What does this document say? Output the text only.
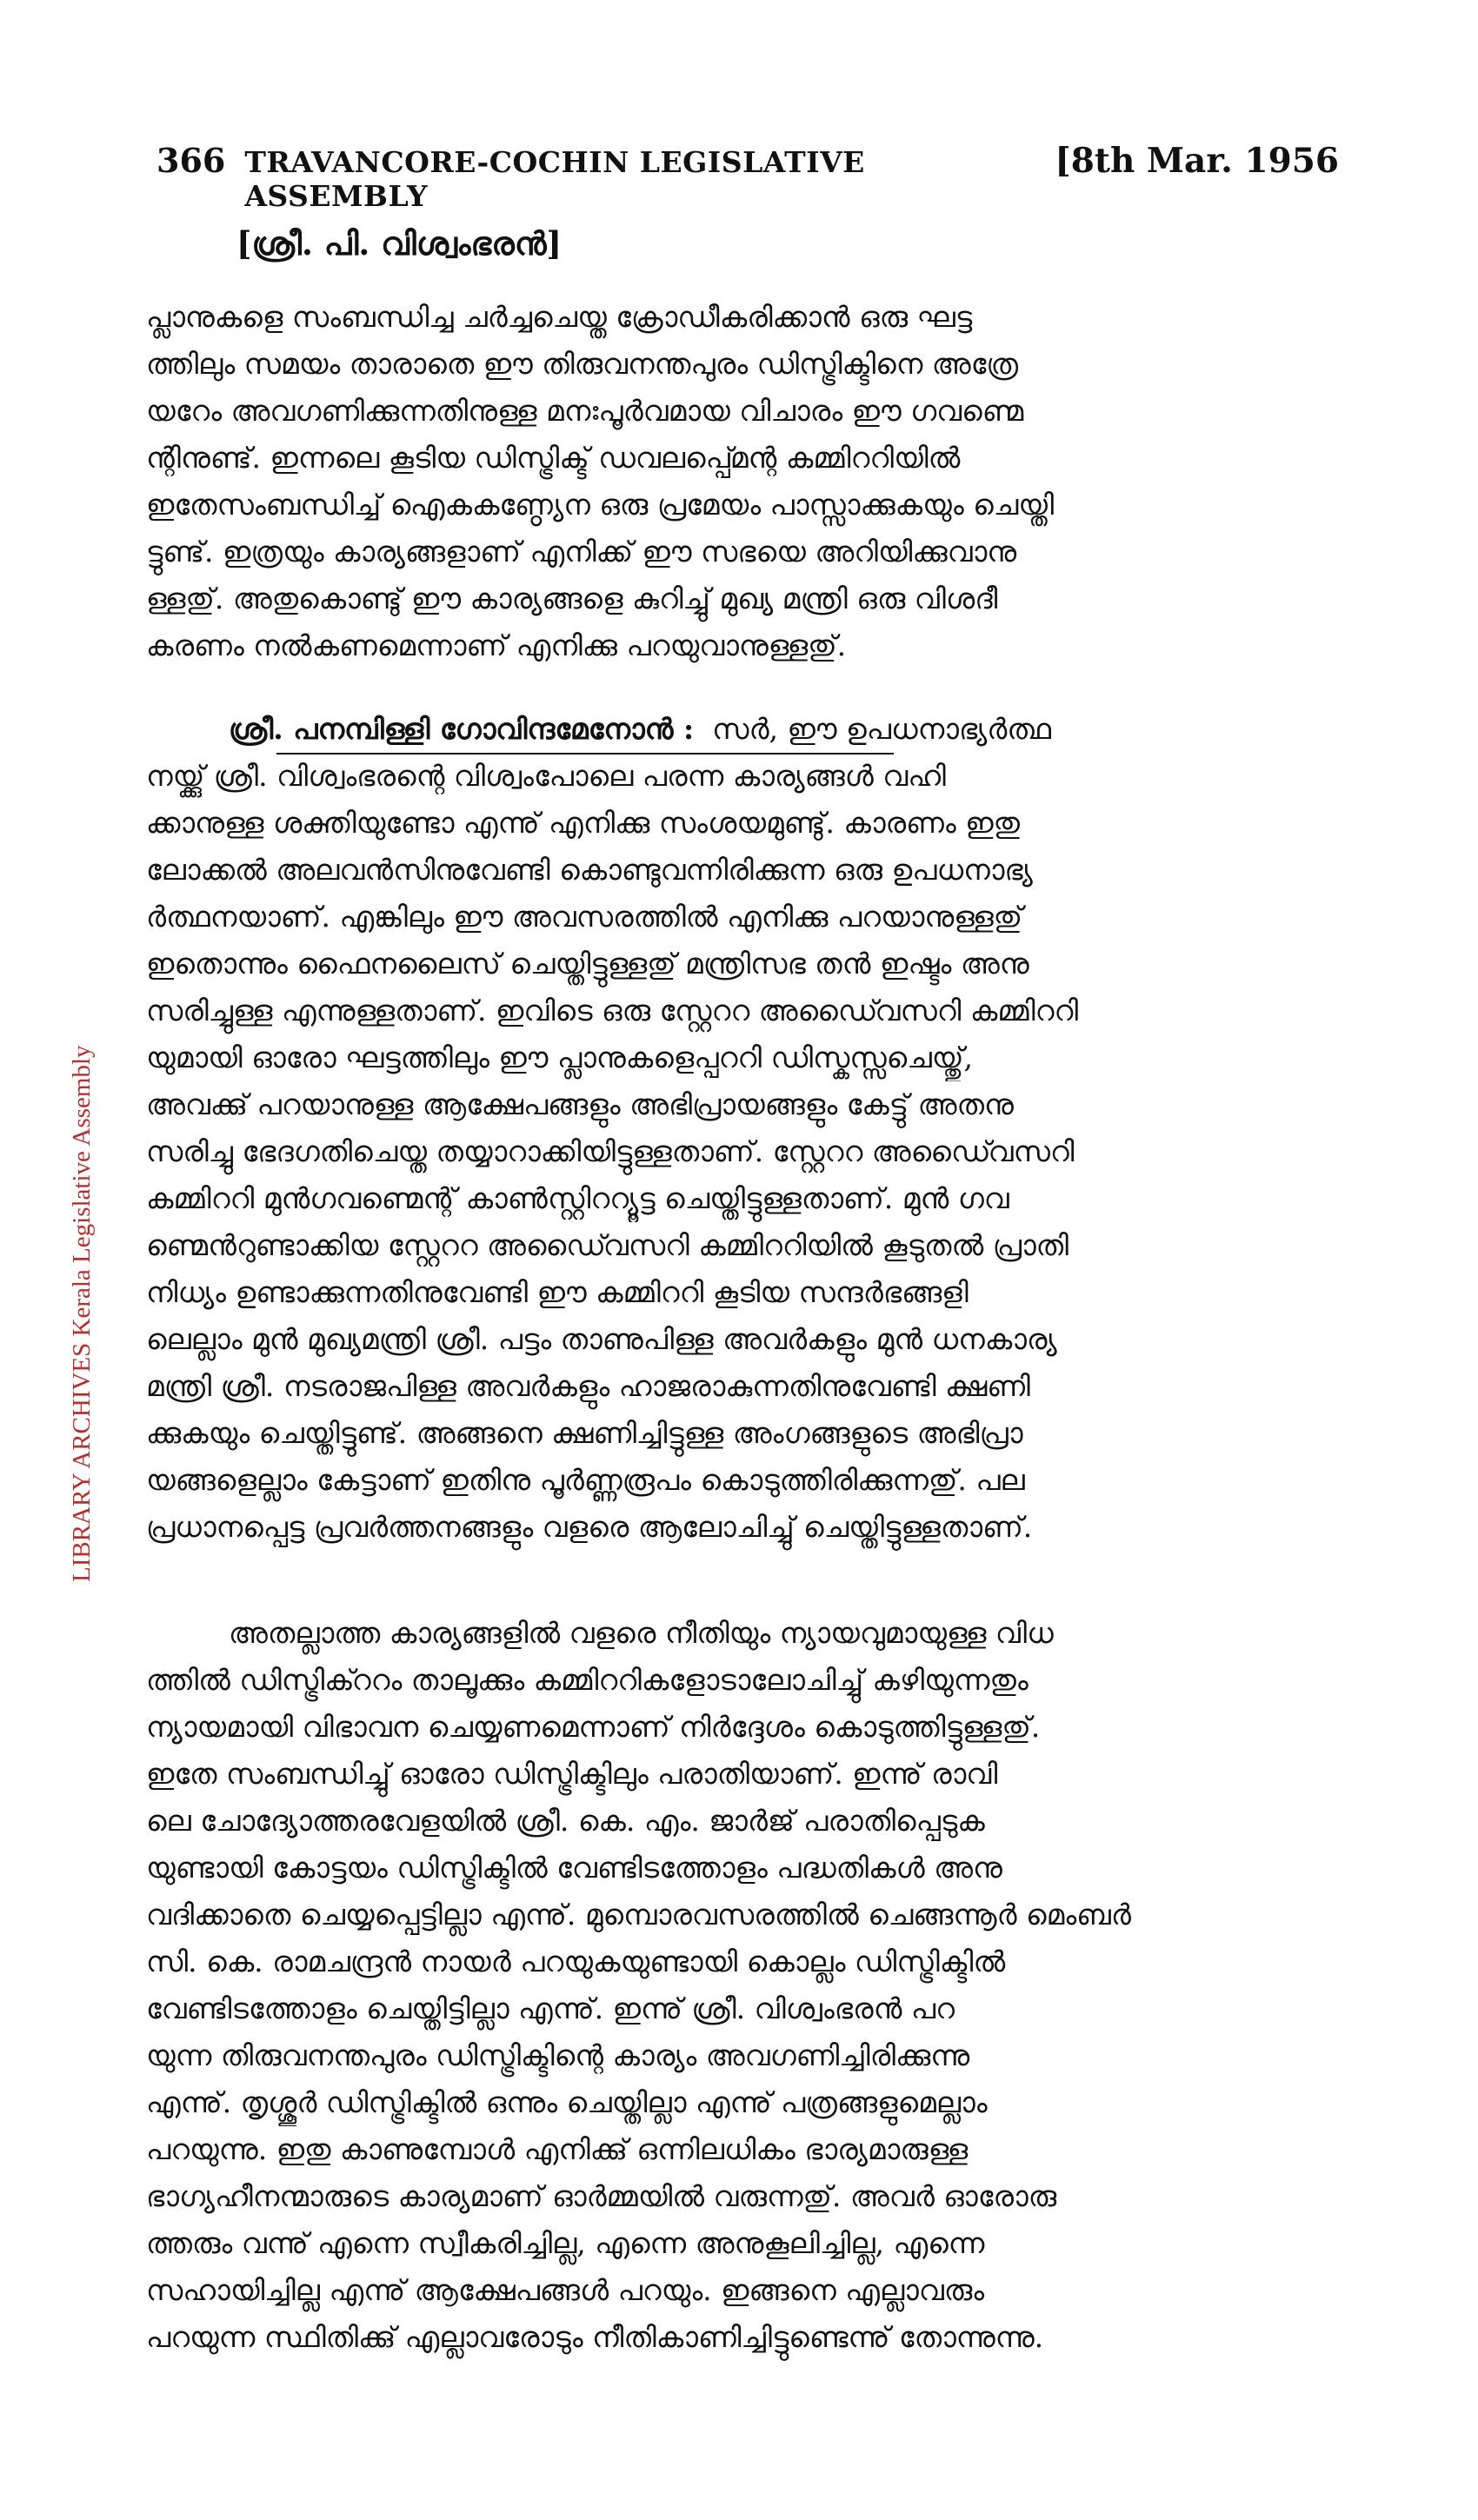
366 TRAVANCORE-COCHIN LEGISLATIVE ASSEMBLY
[8th Mar. 1956
[ശ്രീ. പി. വിശ്വംഭരൻ]
LIBRARY ARCHIVES Kerala Legislative Assembly

പ്ലാനുകളെ സംബന്ധിച്ച ചർച്ചചെയ്ത ക്രോഡീകരിക്കാൻ ഒരു ഘട്ട

ത്തിലും സമയം താരാതെ ഈ തിരുവനന്തപുരം ഡിസ്ട്രിക്ടിനെ അത്രേ

യറേം അവഗണിക്കുന്നതിനുള്ള മനഃപൂർവമായ വിചാരം ഈ ഗവണ്മെ

ന്റിനുണ്ട്. ഇന്നലെ കൂടിയ ഡിസ്ട്രിക്ട് ഡവലപ്പ്മെന്റ കമ്മിററിയിൽ

ഇതേസംബന്ധിച്ച് ഐകകണ്ഠ്യേന ഒരു പ്രമേയം പാസ്സാക്കുകയും ചെയ്തി

ട്ടുണ്ട്. ഇത്രയും കാര്യങ്ങളാണ് എനിക്ക് ഈ സഭയെ അറിയിക്കുവാനു

ള്ളതു്. അതുകൊണ്ടു് ഈ കാര്യങ്ങളെ കുറിച്ചു് മുഖ്യ മന്ത്രി ഒരു വിശദീ

കരണം നൽകണമെന്നാണ് എനിക്കു പറയുവാനുള്ളതു്.

ശ്രീ. പനമ്പിള്ളി ഗോവിന്ദമേനോൻ : സർ, ഈ ഉപധനാഭ്യർത്ഥ

നയ്ക്കു് ശ്രീ. വിശ്വംഭരന്റെ വിശ്വംപോലെ പരന്ന കാര്യങ്ങൾ വഹി

ക്കാനുള്ള ശക്തിയുണ്ടോ എന്നു് എനിക്കു സംശയമുണ്ടു്. കാരണം ഇതു

ലോക്കൽ അലവൻസിനുവേണ്ടി കൊണ്ടുവന്നിരിക്കുന്ന ഒരു ഉപധനാഭ്യ

ർത്ഥനയാണ്. എങ്കിലും ഈ അവസരത്തിൽ എനിക്കു പറയാനുള്ളതു്

ഇതൊന്നും ഫൈനലൈസ് ചെയ്തിട്ടുള്ളതു് മന്ത്രിസഭ തൻ ഇഷ്ടം അനു

സരിച്ചുള്ള എന്നുള്ളതാണ്. ഇവിടെ ഒരു സ്റ്റേററ അഡൈ്വസറി കമ്മിററി

യുമായി ഓരോ ഘട്ടത്തിലും ഈ പ്ലാനുകളെപ്പററി ഡിസ്കസ്സചെയ്തു്,

അവക്കു് പറയാനുള്ള ആക്ഷേപങ്ങളും അഭിപ്രായങ്ങളും കേട്ടു് അതനു

സരിച്ചു ഭേദഗതിചെയ്ത തയ്യാറാക്കിയിട്ടുള്ളതാണ്. സ്റ്റേററ അഡൈ്വസറി

കമ്മിററി മുൻഗവണ്മെന്റ് കാൺസ്റ്റിററ്യൂട്ട ചെയ്തിട്ടുള്ളതാണ്. മുൻ ഗവ

ണ്മെൻറുണ്ടാക്കിയ സ്റ്റേററ അഡൈ്വസറി കമ്മിററിയിൽ കൂടുതൽ പ്രാതി

നിധ്യം ഉണ്ടാക്കുന്നതിനുവേണ്ടി ഈ കമ്മിററി കൂടിയ സന്ദർഭങ്ങളി

ലെല്ലാം മുൻ മുഖ്യമന്ത്രി ശ്രീ. പട്ടം താണുപിള്ള അവർകളും മുൻ ധനകാര്യ

മന്ത്രി ശ്രീ. നടരാജപിള്ള അവർകളും ഹാജരാകുന്നതിനുവേണ്ടി ക്ഷണി

ക്കുകയും ചെയ്തിട്ടുണ്ട്. അങ്ങനെ ക്ഷണിച്ചിട്ടുള്ള അംഗങ്ങളുടെ അഭിപ്രാ

യങ്ങളെല്ലാം കേട്ടാണ് ഇതിനു പൂർണ്ണരൂപം കൊടുത്തിരിക്കുന്നതു്. പല

പ്രധാനപ്പെട്ട പ്രവർത്തനങ്ങളും വളരെ ആലോചിച്ചു് ചെയ്തിട്ടുള്ളതാണ്.

അതല്ലാത്ത കാര്യങ്ങളിൽ വളരെ നീതിയും ന്യായവുമായുള്ള വിധ

ത്തിൽ ഡിസ്ട്രിക്ററം താലൂക്കും കമ്മിററികളോടാലോചിച്ചു് കഴിയുന്നതും

ന്യായമായി വിഭാവന ചെയ്യണമെന്നാണ് നിർദ്ദേശം കൊടുത്തിട്ടുള്ളതു്.

ഇതേ സംബന്ധിച്ചു് ഓരോ ഡിസ്ട്രിക്ടിലും പരാതിയാണ്. ഇന്നു് രാവി

ലെ ചോദ്യോത്തരവേളയിൽ ശ്രീ. കെ. എം. ജാർജ് പരാതിപ്പെടുക

യുണ്ടായി കോട്ടയം ഡിസ്ട്രിക്ടിൽ വേണ്ടിടത്തോളം പദ്ധതികൾ അനു

വദിക്കാതെ ചെയ്യപ്പെട്ടില്ലാ എന്നു്. മുമ്പൊരവസരത്തിൽ ചെങ്ങന്നൂർ മെംബർ

സി. കെ. രാമചന്ദ്രൻ നായർ പറയുകയുണ്ടായി കൊല്ലം ഡിസ്ട്രിക്ടിൽ

വേണ്ടിടത്തോളം ചെയ്തിട്ടില്ലാ എന്നു്. ഇന്നു് ശ്രീ. വിശ്വംഭരൻ പറ

യുന്ന തിരുവനന്തപുരം ഡിസ്ട്രിക്ടിന്റെ കാര്യം അവഗണിച്ചിരിക്കുന്നു

എന്നു്. തൃശ്ശൂർ ഡിസ്ട്രിക്ടിൽ ഒന്നും ചെയ്തില്ലാ എന്നു് പത്രങ്ങളുമെല്ലാം

പറയുന്നു. ഇതു കാണുമ്പോൾ എനിക്കു് ഒന്നിലധികം ഭാര്യമാരുള്ള

ഭാഗ്യഹീനന്മാരുടെ കാര്യമാണ് ഓർമ്മയിൽ വരുന്നതു്. അവർ ഓരോരു

ത്തരും വന്നു് എന്നെ സ്വീകരിച്ചില്ല, എന്നെ അനുകൂലിച്ചില്ല, എന്നെ

സഹായിച്ചില്ല എന്നു് ആക്ഷേപങ്ങൾ പറയും. ഇങ്ങനെ എല്ലാവരും

പറയുന്ന സ്ഥിതിക്കു് എല്ലാവരോടും നീതികാണിച്ചിട്ടുണ്ടെന്നു് തോന്നുന്നു.
